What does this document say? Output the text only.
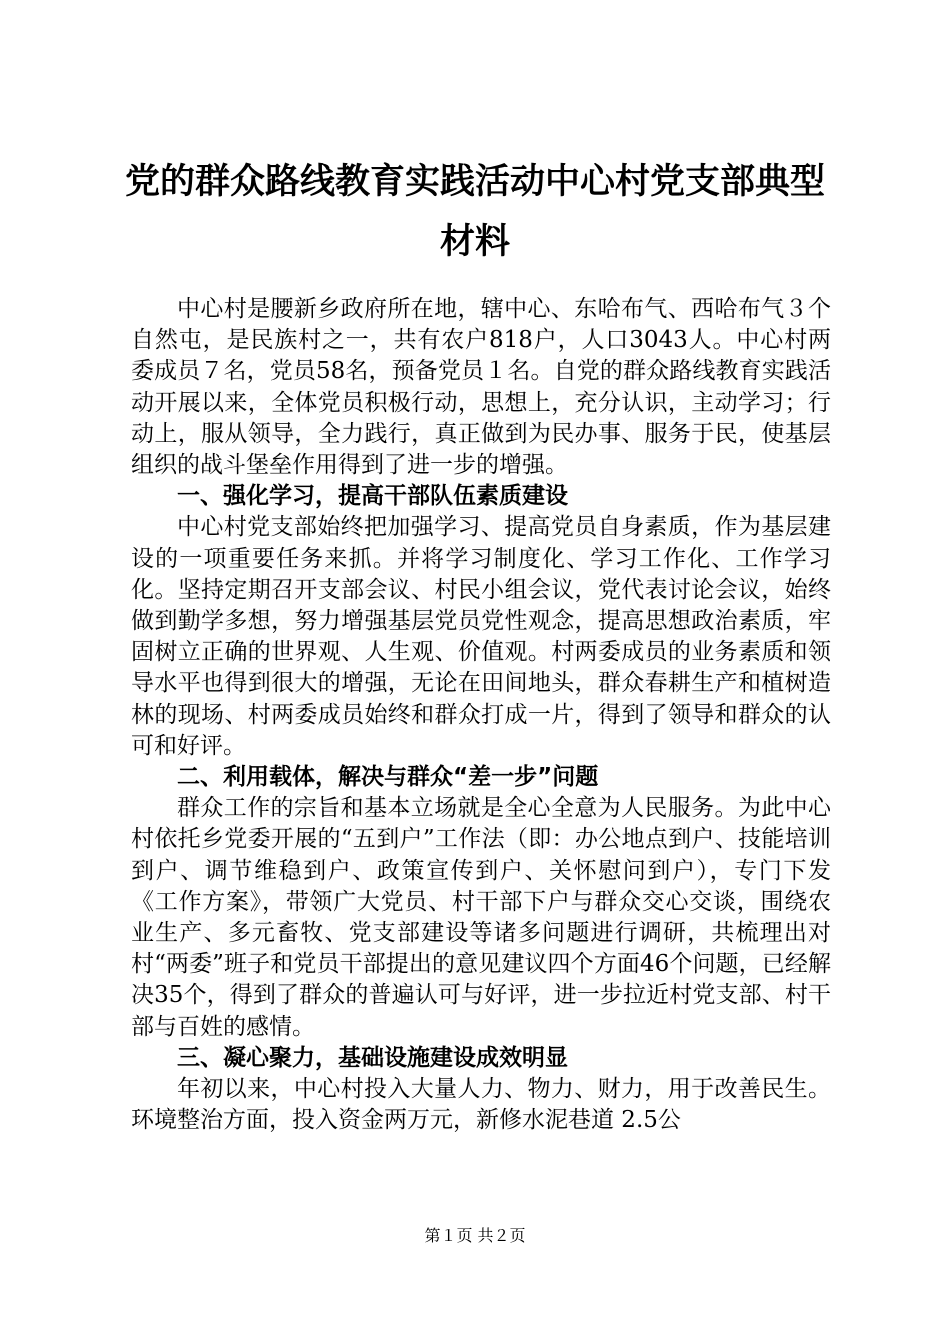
党的群众路线教育实践活动中心村党支部典型
材料

中心村是腰新乡政府所在地，辖中心、东哈布气、西哈布气３个自然屯，是民族村之一，共有农户818户，人口3043人。中心村两委成员７名，党员58名，预备党员１名。自党的群众路线教育实践活动开展以来，全体党员积极行动，思想上，充分认识，主动学习；行动上，服从领导，全力践行，真正做到为民办事、服务于民，使基层组织的战斗堡垒作用得到了进一步的增强。

一、强化学习，提高干部队伍素质建设

中心村党支部始终把加强学习、提高党员自身素质，作为基层建设的一项重要任务来抓。并将学习制度化、学习工作化、工作学习化。坚持定期召开支部会议、村民小组会议，党代表讨论会议，始终做到勤学多想，努力增强基层党员党性观念，提高思想政治素质，牢固树立正确的世界观、人生观、价值观。村两委成员的业务素质和领导水平也得到很大的增强，无论在田间地头，群众春耕生产和植树造林的现场、村两委成员始终和群众打成一片，得到了领导和群众的认可和好评。

二、利用载体，解决与群众“差一步”问题

群众工作的宗旨和基本立场就是全心全意为人民服务。为此中心村依托乡党委开展的“五到户”工作法（即：办公地点到户、技能培训到户、调节维稳到户、政策宣传到户、关怀慰问到户），专门下发《工作方案》，带领广大党员、村干部下户与群众交心交谈，围绕农业生产、多元畜牧、党支部建设等诸多问题进行调研，共梳理出对村“两委”班子和党员干部提出的意见建议四个方面46个问题，已经解决35个，得到了群众的普遍认可与好评，进一步拉近村党支部、村干部与百姓的感情。

三、凝心聚力，基础设施建设成效明显

年初以来，中心村投入大量人力、物力、财力，用于改善民生。环境整治方面，投入资金两万元，新修水泥巷道 2.5公

第１页 共２页
